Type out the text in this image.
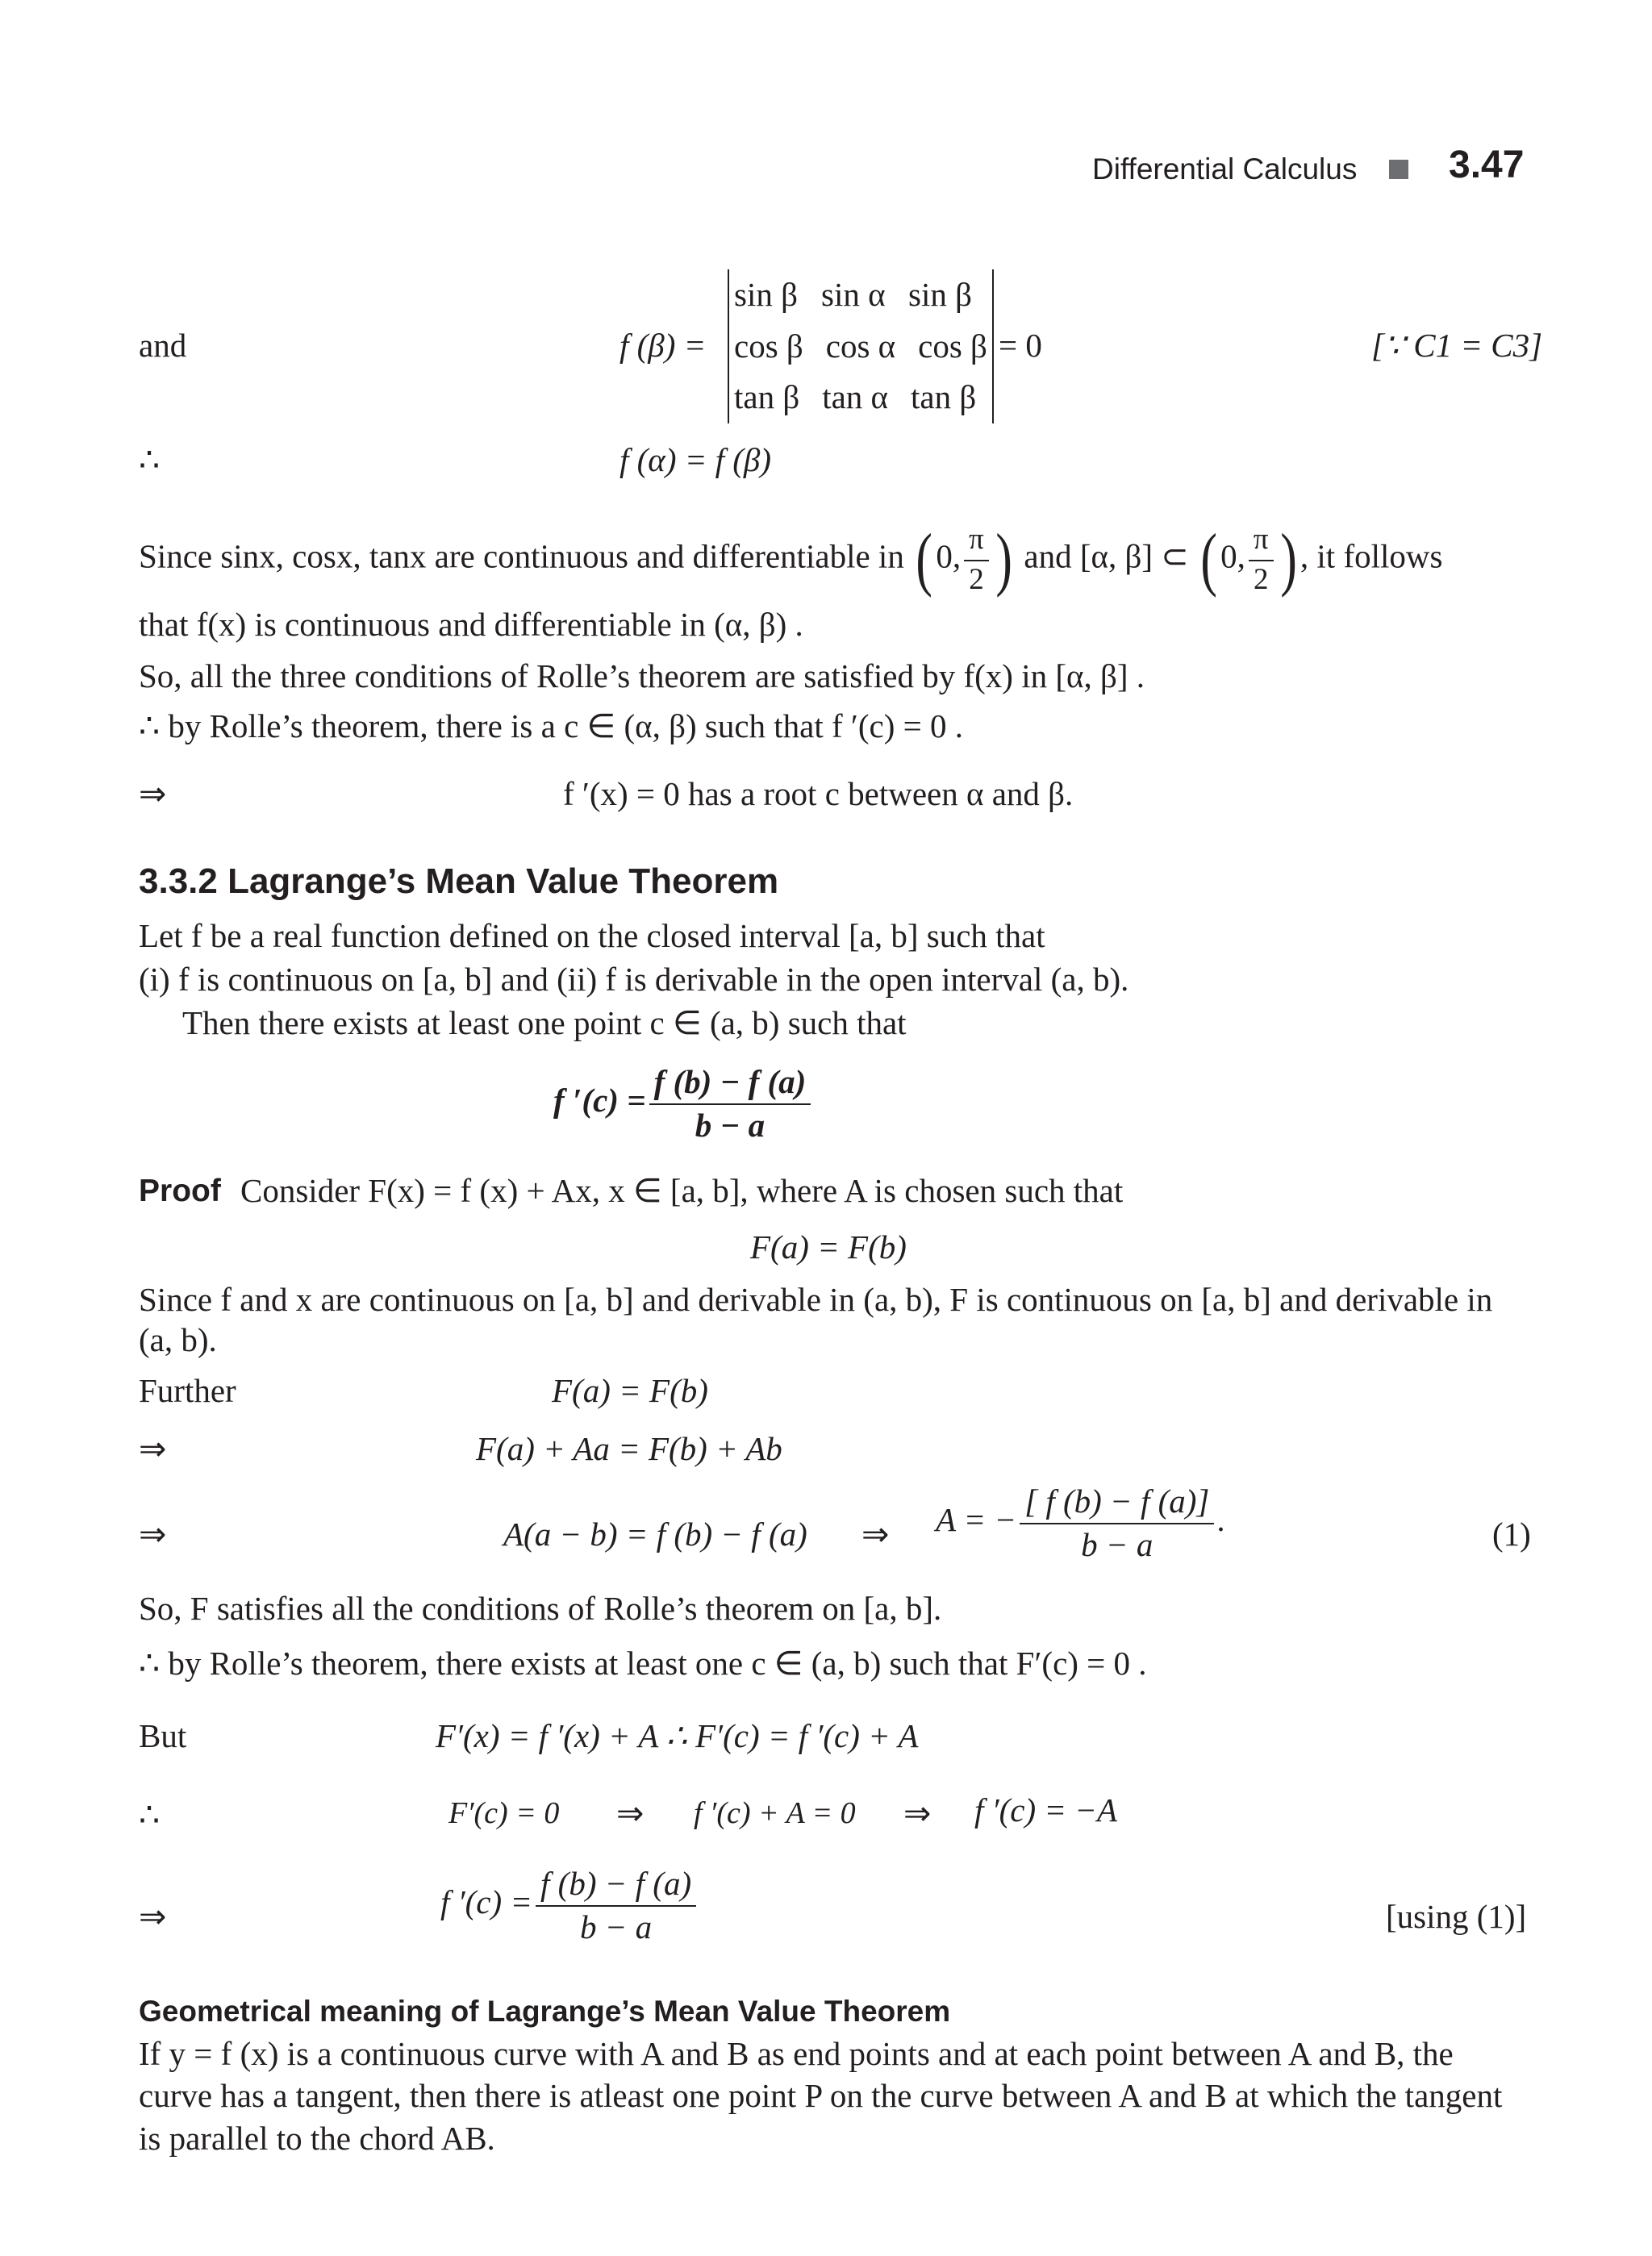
Differential Calculus 3.47
and	f (β) =
sin β sin α sin β
cos β cos α cos β
tan β tan α tan β
= 0	[∵ C1 = C3]
∴	f (α) = f (β)
Since sinx, cosx, tanx are continuous and differentiable in ( 0, $\frac{\pi}{2}$ ) and [α, β] ⊂ ( 0, $\frac{\pi}{2}$ ) , it follows
that f(x) is continuous and differentiable in (α, β) .
So, all the three conditions of Rolle’s theorem are satisfied by f(x) in [α, β] .
∴ by Rolle’s theorem, there is a c ∈ (α, β) such that f ′(c) = 0 .
⇒	f ′(x) = 0 has a root c between α and β.
3.3.2 Lagrange’s Mean Value Theorem
Let f be a real function defined on the closed interval [a, b] such that
(i) f is continuous on [a, b] and (ii) f is derivable in the open interval (a, b).
Then there exists at least one point c ∈ (a, b) such that
f $'(c) = \frac{f (b) - f (a)}{b - a}$
Proof Consider F(x) = f (x) + Ax, x ∈ [a, b], where A is chosen such that
F(a) = F(b)
Since f and x are continuous on [a, b] and derivable in (a, b), F is continuous on [a, b] and derivable in (a, b).
Further	F(a) = F(b)
⇒	F(a) + Aa = F(b) + Ab
⇒	A(a − b) = f (b) − f (a) ⇒ A = − $\frac{[ f (b) - f (a)]}{b - a}$ .	(1)
So, F satisfies all the conditions of Rolle’s theorem on [a, b].
∴ by Rolle’s theorem, there exists at least one c ∈ (a, b) such that F′(c) = 0 .
But	F′(x) = f ′(x) + A ∴ F′(c) = f ′(c) + A
∴	F′(c) = 0 ⇒ f ′(c) + A = 0 ⇒ f ′(c) = −A
⇒	f $'(c) = \frac{f (b) - f (a)}{b - a}$	[using (1)]
Geometrical meaning of Lagrange’s Mean Value Theorem
If y = f (x) is a continuous curve with A and B as end points and at each point between A and B, the curve has a tangent, then there is atleast one point P on the curve between A and B at which the tangent is parallel to the chord AB.
